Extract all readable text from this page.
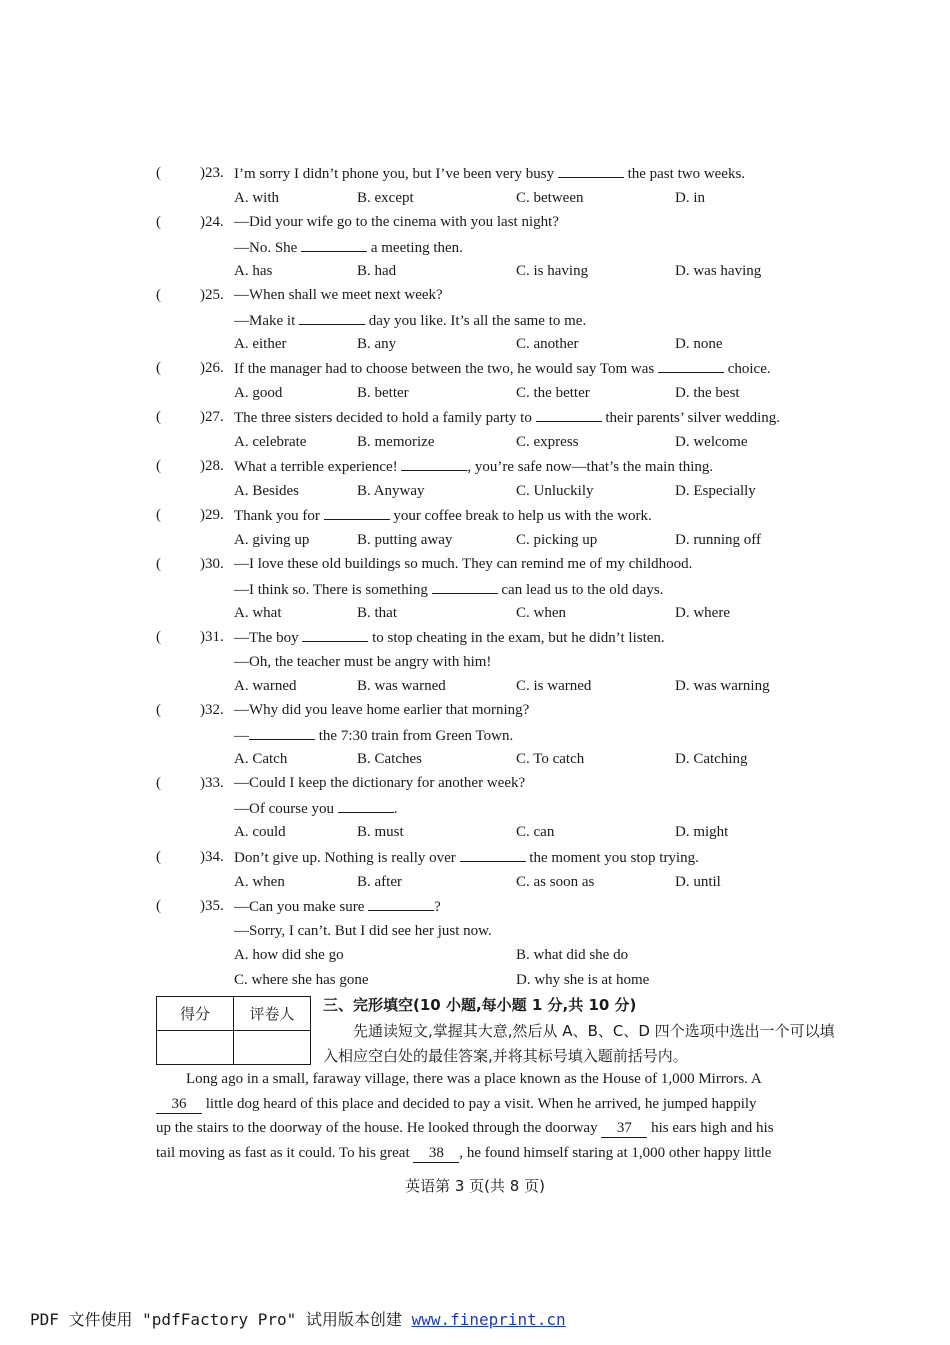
(	)23. I’m sorry I didn’t phone you, but I’ve been very busy	the past two weeks.
A. with	B. except	C. between	D. in
(	)24. —Did your wife go to the cinema with you last night?
—No. She	a meeting then.
A. has	B. had	C. is having	D. was having
(	)25. —When shall we meet next week?
—Make it	day you like. It’s all the same to me.
A. either	B. any	C. another	D. none
(	)26. If the manager had to choose between the two, he would say Tom was	choice.
A. good	B. better	C. the better	D. the best
(	)27. The three sisters decided to hold a family party to	their parents’ silver wedding.
A. celebrate	B. memorize	C. express	D. welcome
(	)28. What a terrible experience!	, you’re safe now—that’s the main thing.
A. Besides	B. Anyway	C. Unluckily	D. Especially
(	)29. Thank you for	your coffee break to help us with the work.
A. giving up	B. putting away	C. picking up	D. running off
(	)30. —I love these old buildings so much. They can remind me of my childhood.
—I think so. There is something	can lead us to the old days.
A. what	B. that	C. when	D. where
(	)31. —The boy	to stop cheating in the exam, but he didn’t listen.
—Oh, the teacher must be angry with him!
A. warned	B. was warned	C. is warned	D. was warning
(	)32. —Why did you leave home earlier that morning?
—	the 7:30 train from Green Town.
A. Catch	B. Catches	C. To catch	D. Catching
(	)33. —Could I keep the dictionary for another week?
—Of course you	.
A. could	B. must	C. can	D. might
(	)34. Don’t give up. Nothing is really over	the moment you stop trying.
A. when	B. after	C. as soon as	D. until
(	)35. —Can you make sure	?
—Sorry, I can’t. But I did see her just now.
A. how did she go	B. what did she do
C. where she has gone	D. why she is at home
得分	评卷人
	三、完形填空(10 小题,每小题 1 分,共 10 分)
先通读短文,掌握其大意,然后从 A、B、C、D 四个选项中选出一个可以填入相应空白处的最佳答案,并将其标号填入题前括号内。
Long ago in a small, faraway village, there was a place known as the House of 1,000 Mirrors. A
36 little dog heard of this place and decided to pay a visit. When he arrived, he jumped happily
up the stairs to the doorway of the house. He looked through the doorway 37 his ears high and his
tail moving as fast as it could. To his great 38 , he found himself staring at 1,000 other happy little
英语第 3 页(共 8 页)
PDF 文件使用 "pdfFactory Pro" 试用版本创建 www.fineprint.cn
